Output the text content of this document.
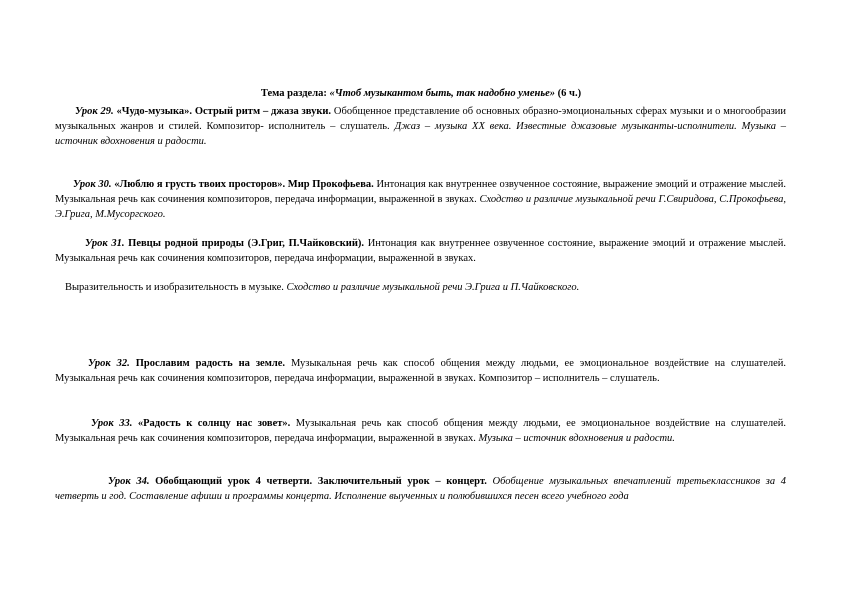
Тема раздела: «Чтоб музыкантом быть, так надобно уменье» (6 ч.)
Урок 29. «Чудо-музыка». Острый ритм – джаза звуки. Обобщенное представление об основных образно-эмоциональных сферах музыки и о многообразии музыкальных жанров и стилей. Композитор- исполнитель – слушатель. Джаз – музыка XX века. Известные джазовые музыканты-исполнители. Музыка – источник вдохновения и радости.
Урок 30. «Люблю я грусть твоих просторов». Мир Прокофьева. Интонация как внутреннее озвученное состояние, выражение эмоций и отражение мыслей. Музыкальная речь как сочинения композиторов, передача информации, выраженной в звуках. Сходство и различие музыкальной речи Г.Свиридова, С.Прокофьева, Э.Грига, М.Мусоргского.
Урок 31. Певцы родной природы (Э.Григ, П.Чайковский). Интонация как внутреннее озвученное состояние, выражение эмоций и отражение мыслей. Музыкальная речь как сочинения композиторов, передача информации, выраженной в звуках.
Выразительность и изобразительность в музыке. Сходство и различие музыкальной речи Э.Грига и П.Чайковского.
Урок 32. Прославим радость на земле. Музыкальная речь как способ общения между людьми, ее эмоциональное воздействие на слушателей. Музыкальная речь как сочинения композиторов, передача информации, выраженной в звуках. Композитор – исполнитель – слушатель.
Урок 33. «Радость к солнцу нас зовет». Музыкальная речь как способ общения между людьми, ее эмоциональное воздействие на слушателей. Музыкальная речь как сочинения композиторов, передача информации, выраженной в звуках. Музыка – источник вдохновения и радости.
Урок 34. Обобщающий урок 4 четверти. Заключительный урок – концерт. Обобщение музыкальных впечатлений третьеклассников за 4 четверть и год. Составление афиши и программы концерта. Исполнение выученных и полюбившихся песен всего учебного года
